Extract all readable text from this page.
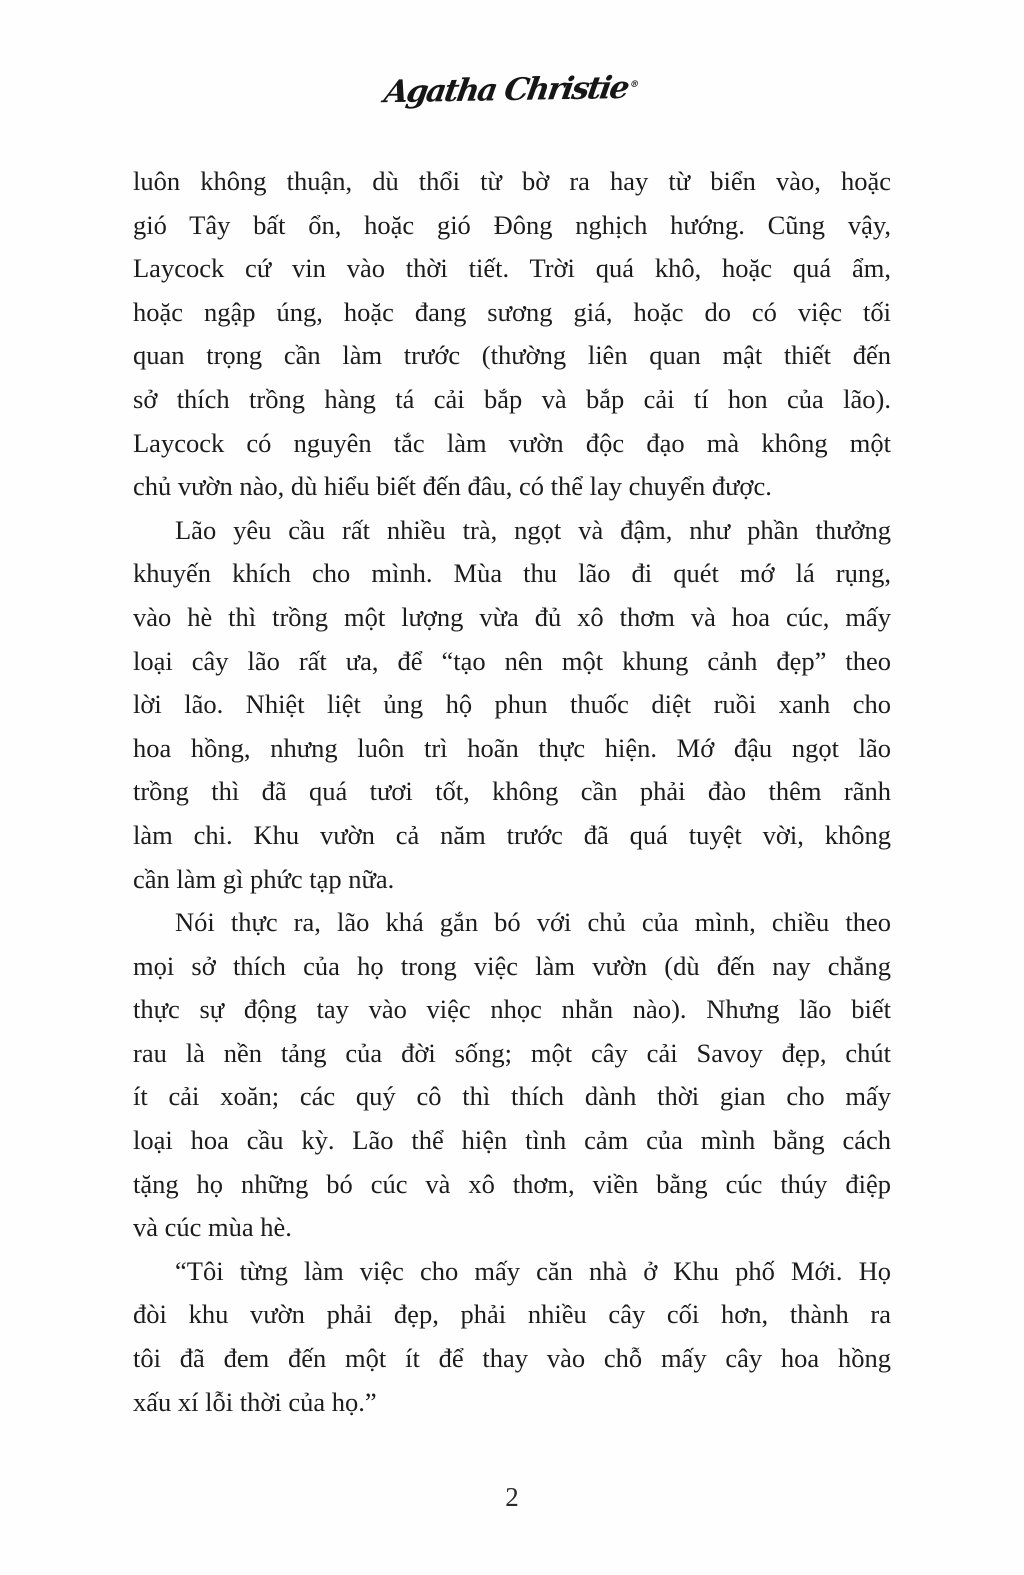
Agatha Christie®
luôn không thuận, dù thổi từ bờ ra hay từ biển vào, hoặc
gió Tây bất ổn, hoặc gió Đông nghịch hướng. Cũng vậy,
Laycock cứ vin vào thời tiết. Trời quá khô, hoặc quá ẩm,
hoặc ngập úng, hoặc đang sương giá, hoặc do có việc tối
quan trọng cần làm trước (thường liên quan mật thiết đến
sở thích trồng hàng tá cải bắp và bắp cải tí hon của lão).
Laycock có nguyên tắc làm vườn độc đạo mà không một
chủ vườn nào, dù hiểu biết đến đâu, có thể lay chuyển được.
Lão yêu cầu rất nhiều trà, ngọt và đậm, như phần thưởng
khuyến khích cho mình. Mùa thu lão đi quét mớ lá rụng,
vào hè thì trồng một lượng vừa đủ xô thơm và hoa cúc, mấy
loại cây lão rất ưa, để “tạo nên một khung cảnh đẹp” theo
lời lão. Nhiệt liệt ủng hộ phun thuốc diệt ruồi xanh cho
hoa hồng, nhưng luôn trì hoãn thực hiện. Mớ đậu ngọt lão
trồng thì đã quá tươi tốt, không cần phải đào thêm rãnh
làm chi. Khu vườn cả năm trước đã quá tuyệt vời, không
cần làm gì phức tạp nữa.
Nói thực ra, lão khá gắn bó với chủ của mình, chiều theo
mọi sở thích của họ trong việc làm vườn (dù đến nay chẳng
thực sự động tay vào việc nhọc nhằn nào). Nhưng lão biết
rau là nền tảng của đời sống; một cây cải Savoy đẹp, chút
ít cải xoăn; các quý cô thì thích dành thời gian cho mấy
loại hoa cầu kỳ. Lão thể hiện tình cảm của mình bằng cách
tặng họ những bó cúc và xô thơm, viền bằng cúc thúy điệp
và cúc mùa hè.
“Tôi từng làm việc cho mấy căn nhà ở Khu phố Mới. Họ
đòi khu vườn phải đẹp, phải nhiều cây cối hơn, thành ra
tôi đã đem đến một ít để thay vào chỗ mấy cây hoa hồng
xấu xí lỗi thời của họ.”
2
